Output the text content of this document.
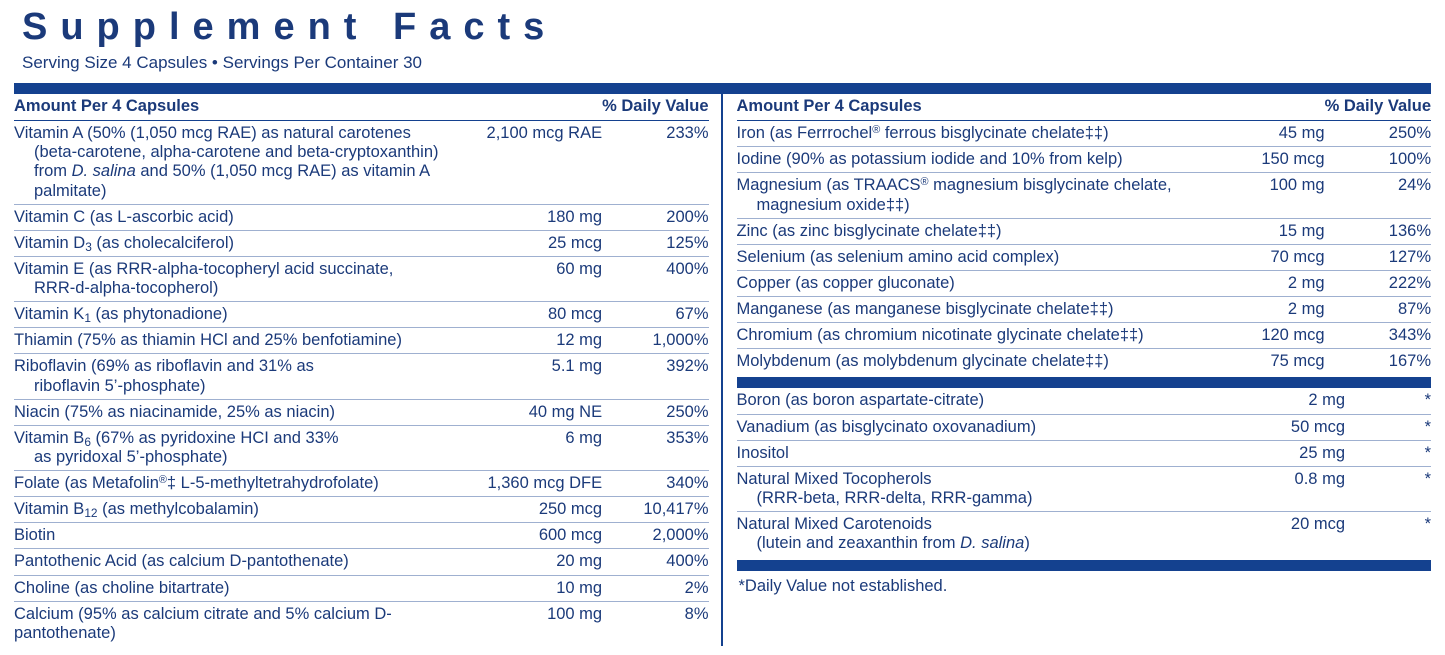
Supplement Facts
Serving Size 4 Capsules • Servings Per Container 30
Amount Per 4 Capsules		% Daily Value
Vitamin A (50% (1,050 mcg RAE) as natural carotenes
(beta-carotene, alpha-carotene and beta-cryptoxanthin)
from D. salina and 50% (1,050 mcg RAE) as vitamin A palmitate)	2,100 mcg RAE	233%
Vitamin C (as L-ascorbic acid)	180 mg	200%
Vitamin $D_3$ (as cholecalciferol)	25 mcg	125%
Vitamin E (as RRR-alpha-tocopheryl acid succinate,
RRR-d-alpha-tocopherol)	60 mg	400%
Vitamin $K_1$ (as phytonadione)	80 mcg	67%
Thiamin (75% as thiamin HCl and 25% benfotiamine)	12 mg	1,000%
Riboflavin (69% as riboflavin and 31% as
riboflavin 5’-phosphate)	5.1 mg	392%
Niacin (75% as niacinamide, 25% as niacin)	40 mg NE	250%
Vitamin $B_6$ (67% as pyridoxine HCI and 33%
as pyridoxal 5’-phosphate)	6 mg	353%
Folate (as Metafolin®‡ L-5-methyltetrahydrofolate)	1,360 mcg DFE	340%
Vitamin $B_{12}$ (as methylcobalamin)	250 mcg	10,417%
Biotin	600 mcg	2,000%
Pantothenic Acid (as calcium D-pantothenate)	20 mg	400%
Choline (as choline bitartrate)	10 mg	2%
Calcium (95% as calcium citrate and 5% calcium D-pantothenate)	100 mg	8%
Amount Per 4 Capsules		% Daily Value
Iron (as Ferrrochel® ferrous bisglycinate chelate‡‡)	45 mg	250%
Iodine (90% as potassium iodide and 10% from kelp)	150 mcg	100%
Magnesium (as TRAACS® magnesium bisglycinate chelate,
magnesium oxide‡‡)	100 mg	24%
Zinc (as zinc bisglycinate chelate‡‡)	15 mg	136%
Selenium (as selenium amino acid complex)	70 mcg	127%
Copper (as copper gluconate)	2 mg	222%
Manganese (as manganese bisglycinate chelate‡‡)	2 mg	87%
Chromium (as chromium nicotinate glycinate chelate‡‡)	120 mcg	343%
Molybdenum (as molybdenum glycinate chelate‡‡)	75 mcg	167%
Boron (as boron aspartate-citrate)	2 mg	*
Vanadium (as bisglycinato oxovanadium)	50 mcg	*
Inositol	25 mg	*
Natural Mixed Tocopherols
(RRR-beta, RRR-delta, RRR-gamma)	0.8 mg	*
Natural Mixed Carotenoids
(lutein and zeaxanthin from D. salina)	20 mcg	*
*Daily Value not established.
